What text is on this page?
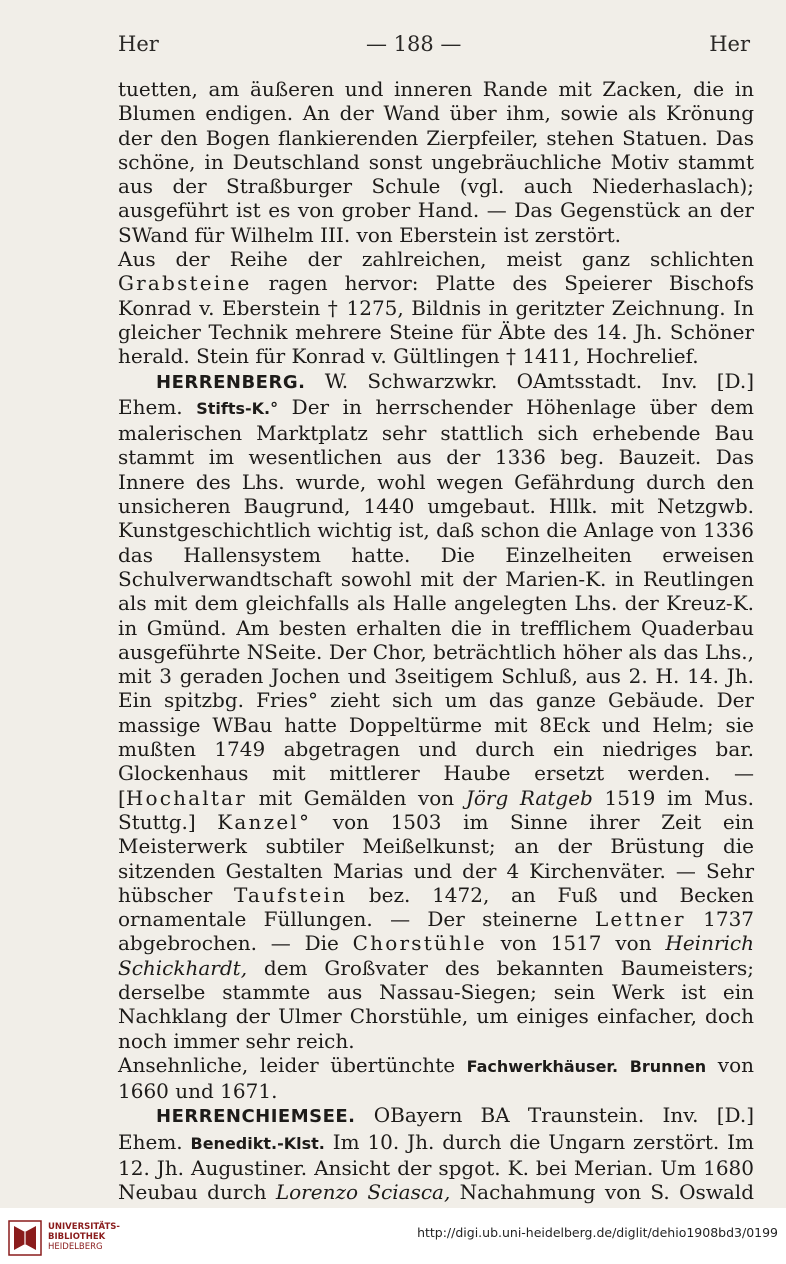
Her	— 188 —	Her

tuetten, am äußeren und inneren Rande mit Zacken, die in Blumen endigen. An der Wand über ihm, sowie als Krönung der den Bogen flankierenden Zierpfeiler, stehen Statuen. Das schöne, in Deutschland sonst ungebräuchliche Motiv stammt aus der Straßburger Schule (vgl. auch Niederhaslach); ausgeführt ist es von grober Hand. — Das Gegenstück an der SWand für Wilhelm III. von Eberstein ist zerstört.

Aus der Reihe der zahlreichen, meist ganz schlichten Grabsteine ragen hervor: Platte des Speierer Bischofs Konrad v. Eberstein † 1275, Bildnis in geritzter Zeichnung. In gleicher Technik mehrere Steine für Äbte des 14. Jh. Schöner herald. Stein für Konrad v. Gültlingen † 1411, Hochrelief.

HERRENBERG. W. Schwarzwkr. OAmtsstadt. Inv. [D.] Ehem. Stifts-K.° Der in herrschender Höhenlage über dem malerischen Marktplatz sehr stattlich sich erhebende Bau stammt im wesentlichen aus der 1336 beg. Bauzeit. Das Innere des Lhs. wurde, wohl wegen Gefährdung durch den unsicheren Baugrund, 1440 umgebaut. Hllk. mit Netzgwb. Kunstgeschichtlich wichtig ist, daß schon die Anlage von 1336 das Hallensystem hatte. Die Einzelheiten erweisen Schulverwandtschaft sowohl mit der Marien-K. in Reutlingen als mit dem gleichfalls als Halle angelegten Lhs. der Kreuz-K. in Gmünd. Am besten erhalten die in trefflichem Quaderbau ausgeführte NSeite. Der Chor, beträchtlich höher als das Lhs., mit 3 geraden Jochen und 3seitigem Schluß, aus 2. H. 14. Jh. Ein spitzbg. Fries° zieht sich um das ganze Gebäude. Der massige WBau hatte Doppeltürme mit 8Eck und Helm; sie mußten 1749 abgetragen und durch ein niedriges bar. Glockenhaus mit mittlerer Haube ersetzt werden. — [Hochaltar mit Gemälden von Jörg Ratgeb 1519 im Mus. Stuttg.] Kanzel° von 1503 im Sinne ihrer Zeit ein Meisterwerk subtiler Meißelkunst; an der Brüstung die sitzenden Gestalten Marias und der 4 Kirchenväter. — Sehr hübscher Taufstein bez. 1472, an Fuß und Becken ornamentale Füllungen. — Der steinerne Lettner 1737 abgebrochen. — Die Chorstühle von 1517 von Heinrich Schickhardt, dem Großvater des bekannten Baumeisters; derselbe stammte aus Nassau-Siegen; sein Werk ist ein Nachklang der Ulmer Chorstühle, um einiges einfacher, doch noch immer sehr reich.

Ansehnliche, leider übertünchte Fachwerkhäuser. Brunnen von 1660 und 1671.

HERRENCHIEMSEE. OBayern BA Traunstein. Inv. [D.] Ehem. Benedikt.-Klst. Im 10. Jh. durch die Ungarn zerstört. Im 12. Jh. Augustiner. Ansicht der spgot. K. bei Merian. Um 1680 Neubau durch Lorenzo Sciasca, Nachahmung von S. Oswald

UNIVERSITÄTS-
BIBLIOTHEK
HEIDELBERG
http://digi.ub.uni-heidelberg.de/diglit/dehio1908bd3/0199
